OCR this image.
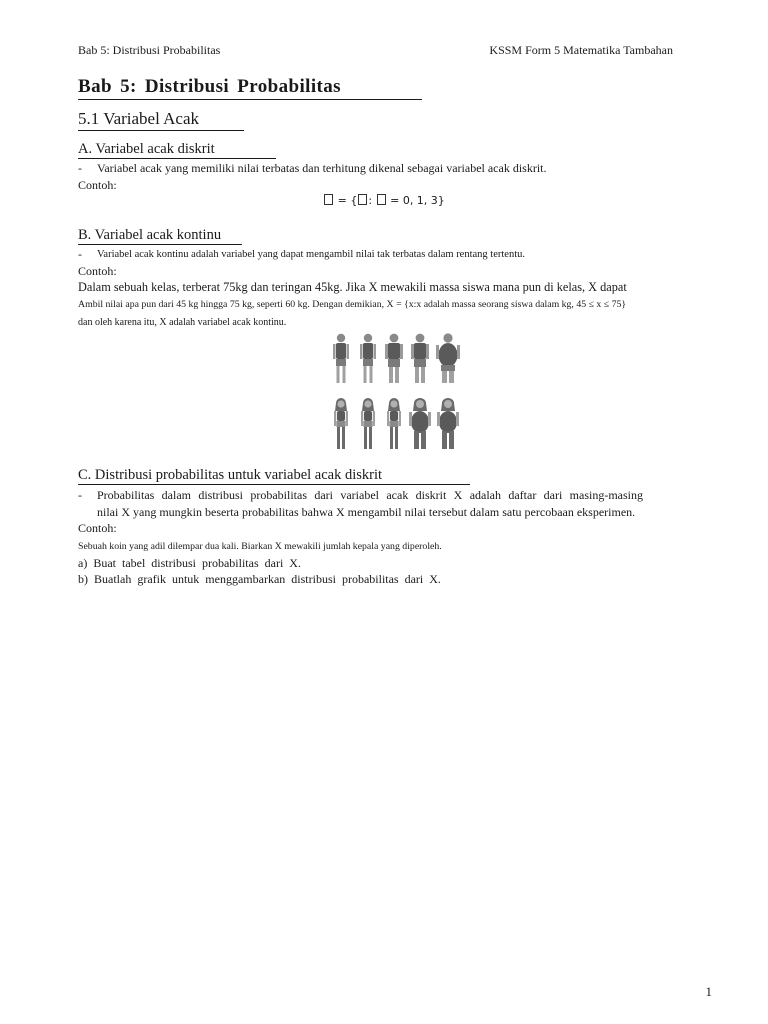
Bab 5: Distribusi Probabilitas	KSSM Form 5 Matematika Tambahan
Bab 5: Distribusi Probabilitas
5.1 Variabel Acak
A. Variabel acak diskrit
- Variabel acak yang memiliki nilai terbatas dan terhitung dikenal sebagai variabel acak diskrit.
Contoh:
= { :  = 0, 1, 3}
B. Variabel acak kontinu
- Variabel acak kontinu adalah variabel yang dapat mengambil nilai tak terbatas dalam rentang tertentu.
Contoh:
Dalam sebuah kelas, terberat 75kg dan teringan 45kg. Jika X mewakili massa siswa mana pun di kelas, X dapat
Ambil nilai apa pun dari 45 kg hingga 75 kg, seperti 60 kg. Dengan demikian, X = {x:x adalah massa seorang siswa dalam kg, 45 ≤ x ≤ 75}
dan oleh karena itu, X adalah variabel acak kontinu.
C. Distribusi probabilitas untuk variabel acak diskrit
- Probabilitas dalam distribusi probabilitas dari variabel acak diskrit X adalah daftar dari masing-masing
nilai X yang mungkin beserta probabilitas bahwa X mengambil nilai tersebut dalam satu percobaan eksperimen.
Contoh:
Sebuah koin yang adil dilempar dua kali. Biarkan X mewakili jumlah kepala yang diperoleh.
a)  Buat  tabel  distribusi  probabilitas  dari  X.
b)  Buatlah  grafik  untuk  menggambarkan  distribusi  probabilitas  dari  X.
1
